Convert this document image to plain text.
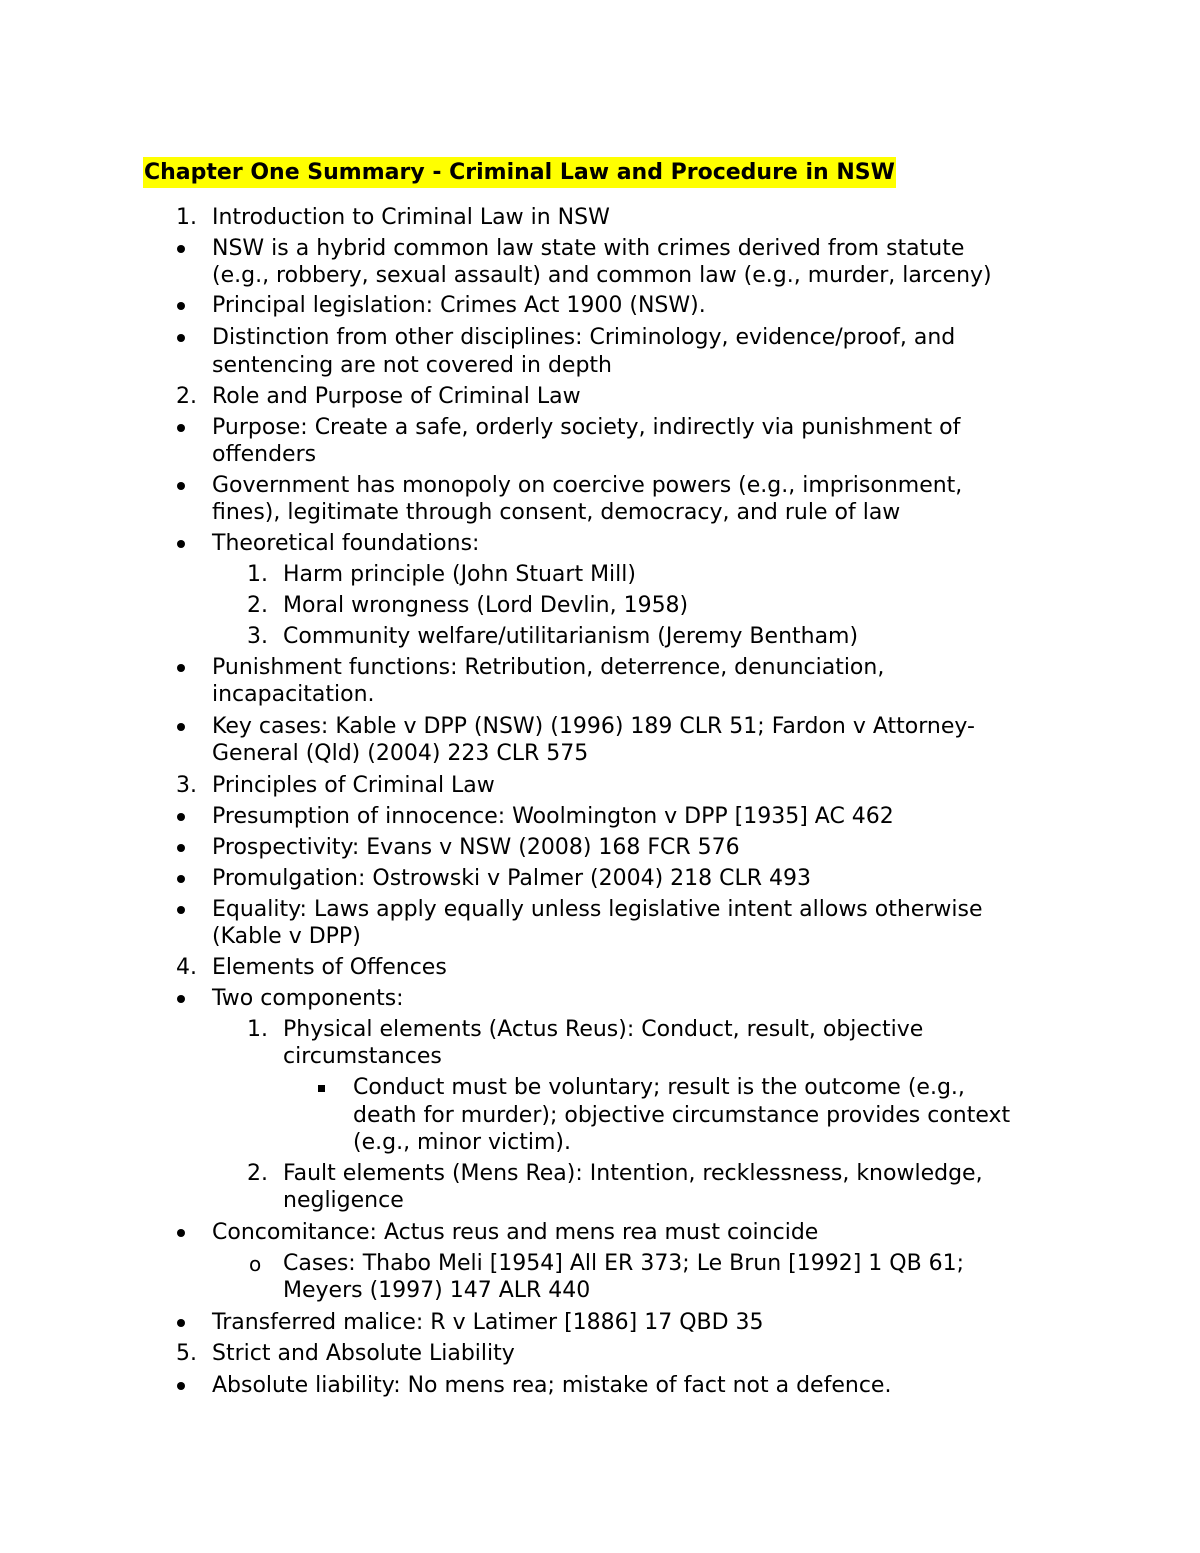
Chapter One Summary - Criminal Law and Procedure in NSW
1. Introduction to Criminal Law in NSW
NSW is a hybrid common law state with crimes derived from statute
(e.g., robbery, sexual assault) and common law (e.g., murder, larceny)
Principal legislation: Crimes Act 1900 (NSW).
Distinction from other disciplines: Criminology, evidence/proof, and
sentencing are not covered in depth
2. Role and Purpose of Criminal Law
Purpose: Create a safe, orderly society, indirectly via punishment of
offenders
Government has monopoly on coercive powers (e.g., imprisonment,
fines), legitimate through consent, democracy, and rule of law
Theoretical foundations:
1. Harm principle (John Stuart Mill)
2. Moral wrongness (Lord Devlin, 1958)
3. Community welfare/utilitarianism (Jeremy Bentham)
Punishment functions: Retribution, deterrence, denunciation,
incapacitation.
Key cases: Kable v DPP (NSW) (1996) 189 CLR 51; Fardon v Attorney-
General (Qld) (2004) 223 CLR 575
3. Principles of Criminal Law
Presumption of innocence: Woolmington v DPP [1935] AC 462
Prospectivity: Evans v NSW (2008) 168 FCR 576
Promulgation: Ostrowski v Palmer (2004) 218 CLR 493
Equality: Laws apply equally unless legislative intent allows otherwise
(Kable v DPP)
4. Elements of Offences
Two components:
1. Physical elements (Actus Reus): Conduct, result, objective
circumstances
Conduct must be voluntary; result is the outcome (e.g.,
death for murder); objective circumstance provides context
(e.g., minor victim).
2. Fault elements (Mens Rea): Intention, recklessness, knowledge,
negligence
Concomitance: Actus reus and mens rea must coincide
o Cases: Thabo Meli [1954] All ER 373; Le Brun [1992] 1 QB 61;
Meyers (1997) 147 ALR 440
Transferred malice: R v Latimer [1886] 17 QBD 35
5. Strict and Absolute Liability
Absolute liability: No mens rea; mistake of fact not a defence.
